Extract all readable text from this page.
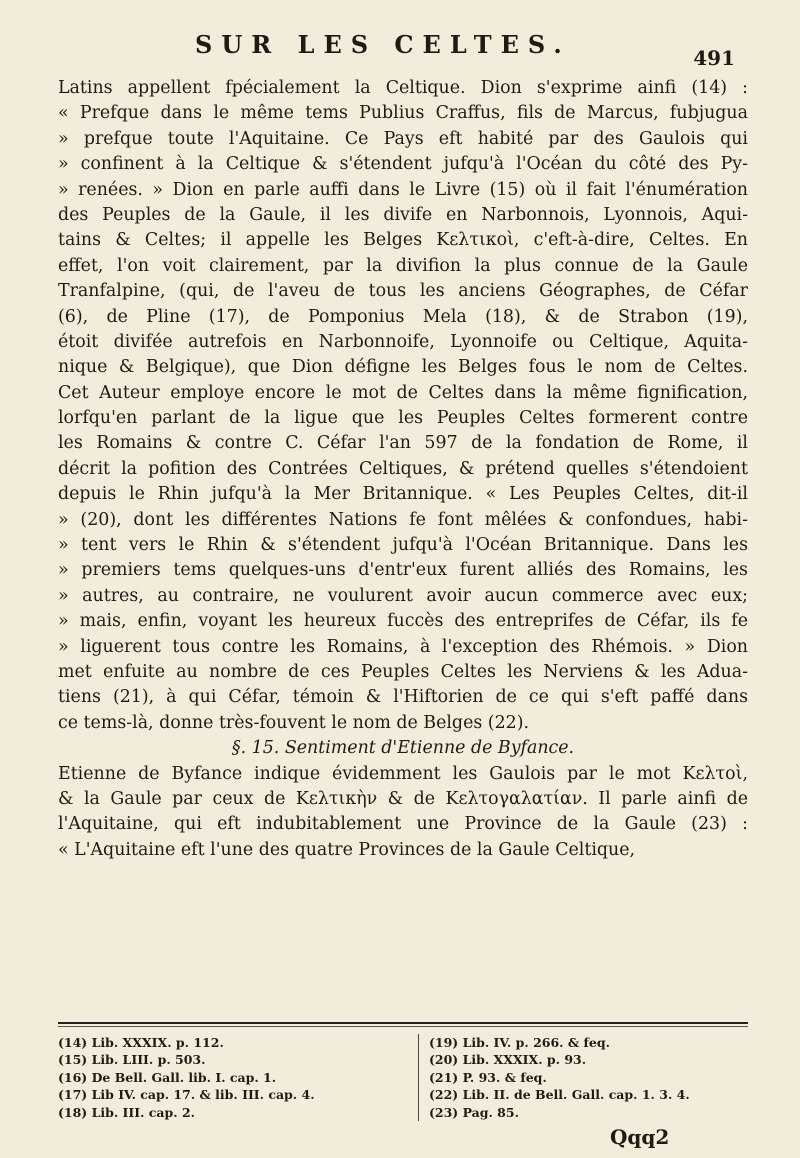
SUR LES CELTES.	491
Latins appellent fpécialement la Celtique. Dion s'exprime ainfi (14) :
« Prefque dans le même tems Publius Craffus, fils de Marcus, fubjugua
» prefque toute l'Aquitaine. Ce Pays eft habité par des Gaulois qui
» confinent à la Celtique & s'étendent jufqu'à l'Océan du côté des Py-
» renées. » Dion en parle auffi dans le Livre (15) où il fait l'énumération
des Peuples de la Gaule, il les divife en Narbonnois, Lyonnois, Aqui-
tains & Celtes; il appelle les Belges Κελτικοὶ, c'eft-à-dire, Celtes. En
effet, l'on voit clairement, par la divifion la plus connue de la Gaule
Tranfalpine, (qui, de l'aveu de tous les anciens Géographes, de Céfar
(6), de Pline (17), de Pomponius Mela (18), & de Strabon (19),
étoit divifée autrefois en Narbonnoife, Lyonnoife ou Celtique, Aquita-
nique & Belgique), que Dion défigne les Belges fous le nom de Celtes.
Cet Auteur employe encore le mot de Celtes dans la même fignification,
lorfqu'en parlant de la ligue que les Peuples Celtes formerent contre
les Romains & contre C. Céfar l'an 597 de la fondation de Rome, il
décrit la pofition des Contrées Celtiques, & prétend quelles s'étendoient
depuis le Rhin jufqu'à la Mer Britannique. « Les Peuples Celtes, dit-il
» (20), dont les différentes Nations fe font mêlées & confondues, habi-
» tent vers le Rhin & s'étendent jufqu'à l'Océan Britannique. Dans les
» premiers tems quelques-uns d'entr'eux furent alliés des Romains, les
» autres, au contraire, ne voulurent avoir aucun commerce avec eux;
» mais, enfin, voyant les heureux fuccès des entreprifes de Céfar, ils fe
» liguerent tous contre les Romains, à l'exception des Rhémois. » Dion
met enfuite au nombre de ces Peuples Celtes les Nerviens & les Adua-
tiens (21), à qui Céfar, témoin & l'Hiftorien de ce qui s'eft paffé dans
ce tems-là, donne très-fouvent le nom de Belges (22).
§. 15. Sentiment d'Etienne de Byfance.
Etienne de Byfance indique évidemment les Gaulois par le mot Κελτοὶ,
& la Gaule par ceux de Κελτικὴν & de Κελτογαλατίαν. Il parle ainfi de
l'Aquitaine, qui eft indubitablement une Province de la Gaule (23) :
« L'Aquitaine eft l'une des quatre Provinces de la Gaule Celtique,
(14) Lib. XXXIX. p. 112.
(15) Lib. LIII. p. 503.
(16) De Bell. Gall. lib. I. cap. 1.
(17) Lib IV. cap. 17. & lib. III. cap. 4.
(18) Lib. III. cap. 2.
(19) Lib. IV. p. 266. & feq.
(20) Lib. XXXIX. p. 93.
(21) P. 93. & feq.
(22) Lib. II. de Bell. Gall. cap. 1. 3. 4.
(23) Pag. 85.
Qqq2
